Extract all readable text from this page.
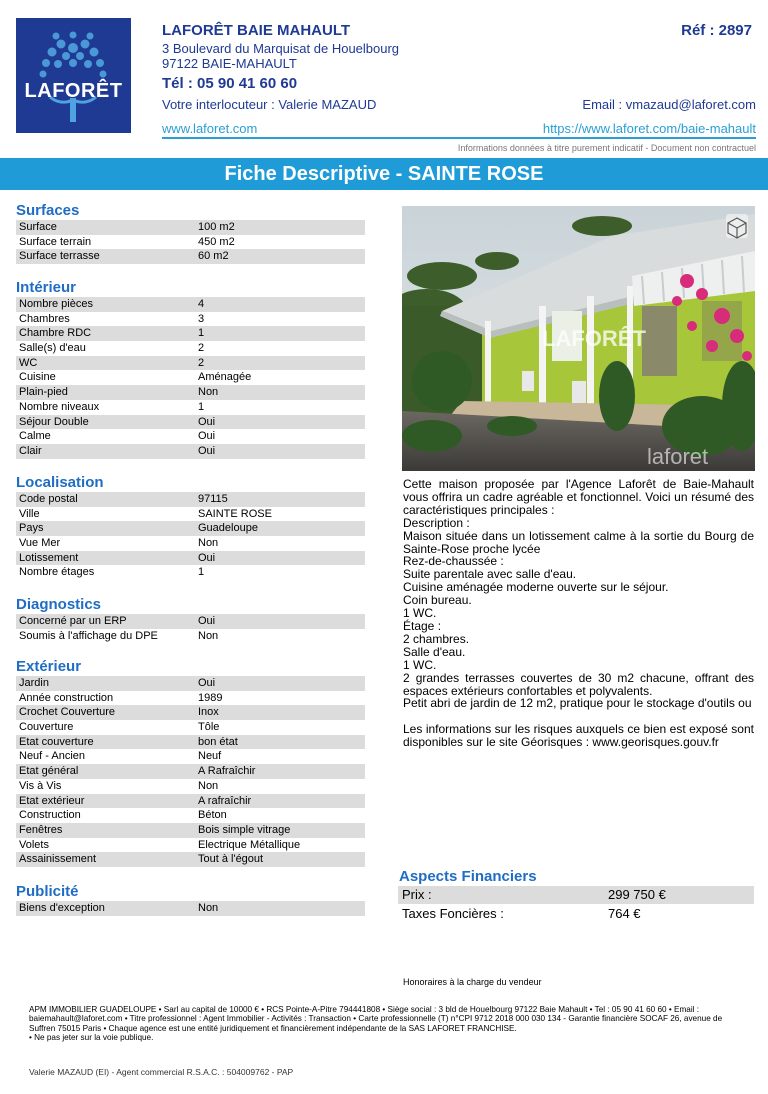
LAFORÊT
LAFORÊT BAIE MAHAULT	Réf : 2897
3 Boulevard du Marquisat de Houelbourg
97122 BAIE-MAHAULT
Tél : 05 90 41 60 60
Votre interlocuteur : Valerie MAZAUD	Email : vmazaud@laforet.com
www.laforet.com	https://www.laforet.com/baie-mahault
Informations données à titre purement indicatif - Document non contractuel
Fiche Descriptive - SAINTE ROSE
Surfaces
Surface	100 m2
Surface terrain	450 m2
Surface terrasse	60 m2
Intérieur
Nombre pièces	4
Chambres	3
Chambre RDC	1
Salle(s) d'eau	2
WC	2
Cuisine	Aménagée
Plain-pied	Non
Nombre niveaux	1
Séjour Double	Oui
Calme	Oui
Clair	Oui
Localisation
Code postal	97115
Ville	SAINTE ROSE
Pays	Guadeloupe
Vue Mer	Non
Lotissement	Oui
Nombre étages	1
Diagnostics
Concerné par un ERP	Oui
Soumis à l'affichage du DPE	Non
Extérieur
Jardin	Oui
Année construction	1989
Crochet Couverture	Inox
Couverture	Tôle
Etat couverture	bon état
Neuf - Ancien	Neuf
Etat général	A Rafraîchir
Vis à Vis	Non
Etat extérieur	A rafraîchir
Construction	Béton
Fenêtres	Bois simple vitrage
Volets	Electrique Métallique
Assainissement	Tout à l'égout
Publicité
Biens d'exception	Non
LAFORÊT
laforet

Cette maison proposée par l'Agence Laforêt de Baie-Mahault vous offrira un cadre agréable et fonctionnel. Voici un résumé des caractéristiques principales :

Description :

Maison située dans un lotissement calme à la sortie du Bourg de Sainte-Rose proche lycée

Rez-de-chaussée :

Suite parentale avec salle d'eau.

Cuisine aménagée moderne ouverte sur le séjour.

Coin bureau.

1 WC.

Étage :

2 chambres.

Salle d'eau.

1 WC.

2 grandes terrasses couvertes de 30 m2 chacune, offrant des espaces extérieurs confortables et polyvalents.

Petit abri de jardin de 12 m2, pratique pour le stockage d'outils ou

Les informations sur les risques auxquels ce bien est exposé sont disponibles sur le site Géorisques : www.georisques.gouv.fr

Aspects Financiers
Prix :	299 750 €
Taxes Foncières :	764 €
Honoraires à la charge du vendeur
APM IMMOBILIER GUADELOUPE • Sarl au capital de 10000 € • RCS Pointe-A-Pitre 794441808 • Siège social : 3 bld de Houelbourg 97122 Baie Mahault • Tel : 05 90 41 60 60 • Email : baiemahault@laforet.com • Titre professionnel : Agent Immobilier - Activités : Transaction • Carte professionnelle (T) n°CPI 9712 2018 000 030 134 - Garantie financière SOCAF 26, avenue de Suffren 75015 Paris • Chaque agence est une entité juridiquement et financièrement indépendante de la SAS LAFORET FRANCHISE.
• Ne pas jeter sur la voie publique.
Valerie MAZAUD (EI) - Agent commercial R.S.A.C. : 504009762 - PAP
